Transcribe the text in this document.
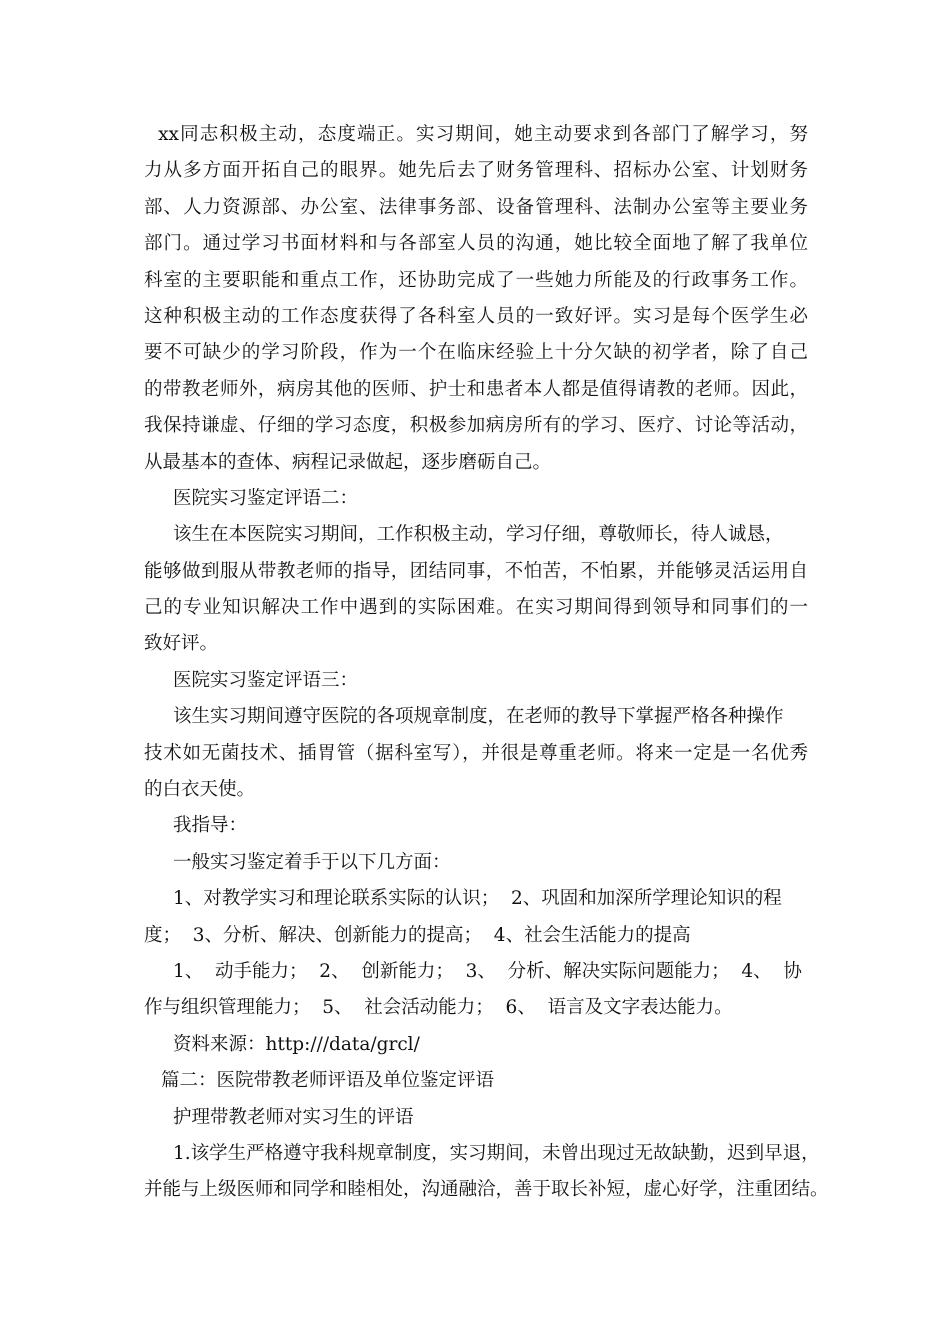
xx同志积极主动，态度端正。实习期间，她主动要求到各部门了解学习，努
力从多方面开拓自己的眼界。她先后去了财务管理科、招标办公室、计划财务
部、人力资源部、办公室、法律事务部、设备管理科、法制办公室等主要业务
部门。通过学习书面材料和与各部室人员的沟通，她比较全面地了解了我单位
科室的主要职能和重点工作，还协助完成了一些她力所能及的行政事务工作。
这种积极主动的工作态度获得了各科室人员的一致好评。实习是每个医学生必
要不可缺少的学习阶段，作为一个在临床经验上十分欠缺的初学者，除了自己
的带教老师外，病房其他的医师、护士和患者本人都是值得请教的老师。因此，
我保持谦虚、仔细的学习态度，积极参加病房所有的学习、医疗、讨论等活动，
从最基本的查体、病程记录做起，逐步磨砺自己。
医院实习鉴定评语二：
该生在本医院实习期间，工作积极主动，学习仔细，尊敬师长，待人诚恳，
能够做到服从带教老师的指导，团结同事，不怕苦，不怕累，并能够灵活运用自
己的专业知识解决工作中遇到的实际困难。在实习期间得到领导和同事们的一
致好评。
医院实习鉴定评语三：
该生实习期间遵守医院的各项规章制度，在老师的教导下掌握严格各种操作
技术如无菌技术、插胃管（据科室写），并很是尊重老师。将来一定是一名优秀
的白衣天使。
我指导：
一般实习鉴定着手于以下几方面：
1、对教学实习和理论联系实际的认识；  2、巩固和加深所学理论知识的程
度；  3、分析、解决、创新能力的提高；  4、社会生活能力的提高
1、  动手能力；  2、  创新能力；  3、  分析、解决实际问题能力；  4、  协
作与组织管理能力；  5、  社会活动能力；  6、  语言及文字表达能力。
资料来源：http:///data/grcl/
篇二：医院带教老师评语及单位鉴定评语
护理带教老师对实习生的评语
1.该学生严格遵守我科规章制度，实习期间，未曾出现过无故缺勤，迟到早退，
并能与上级医师和同学和睦相处，沟通融洽，善于取长补短，虚心好学，注重团结。
